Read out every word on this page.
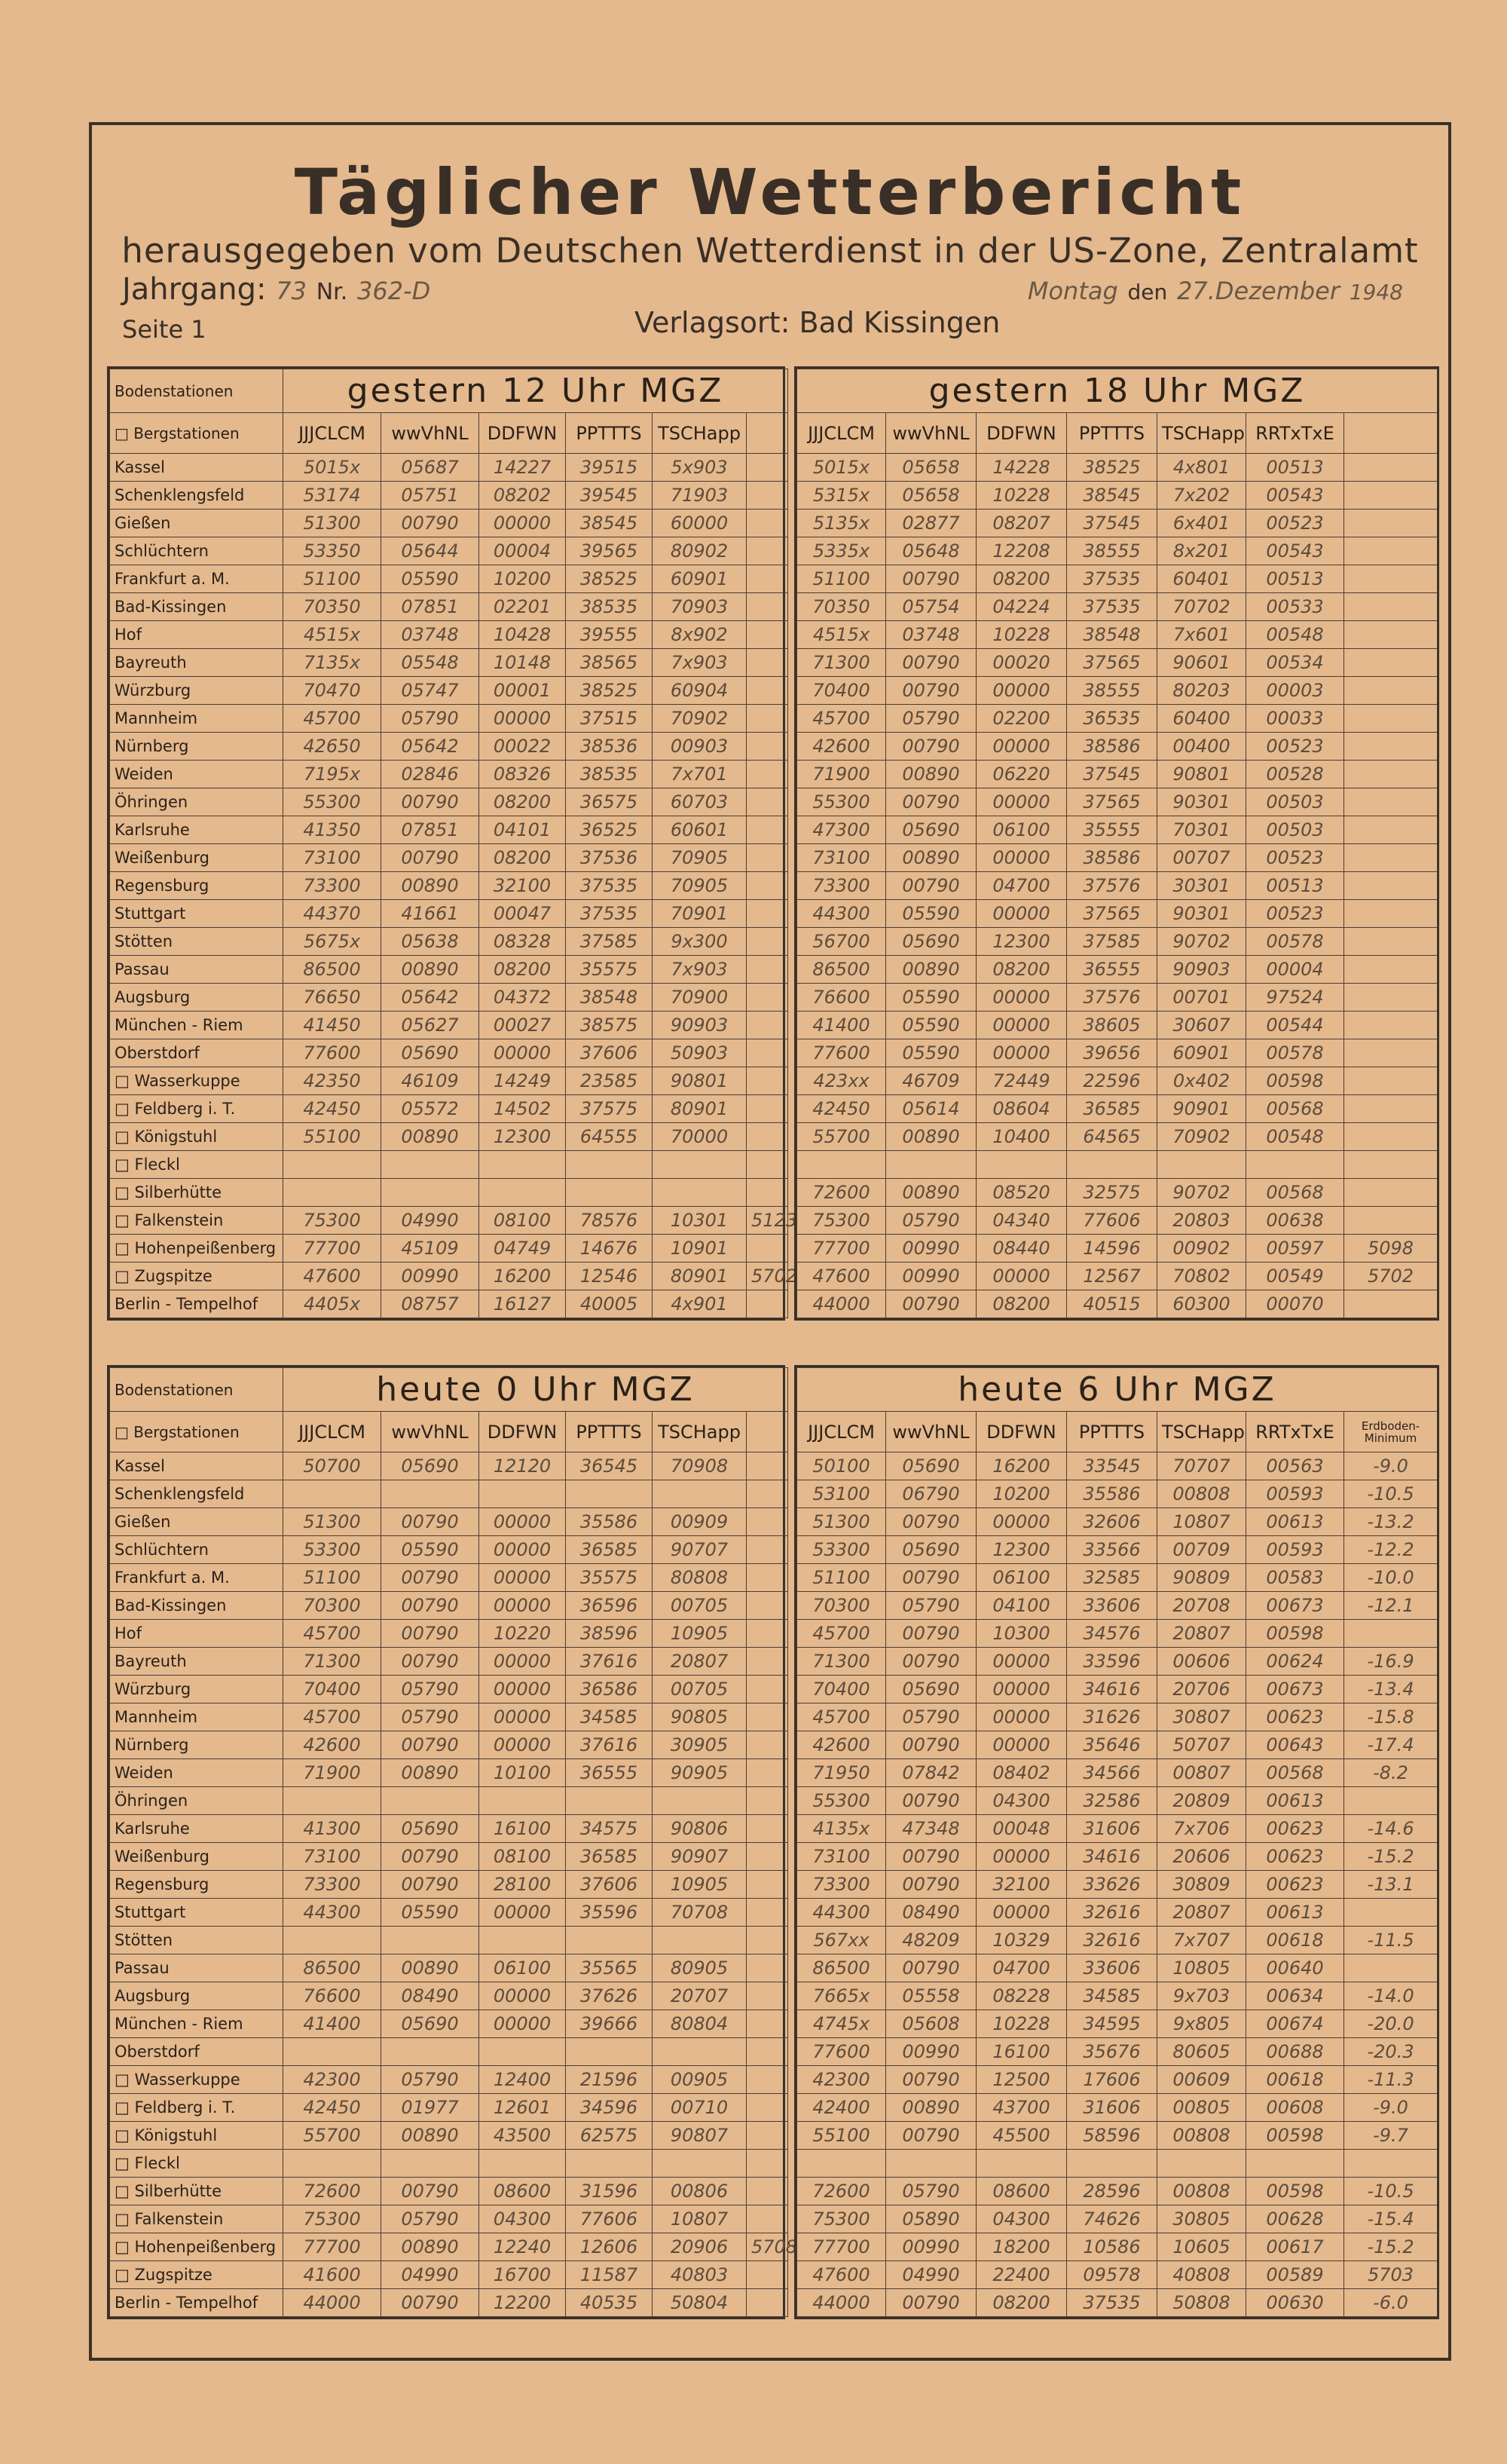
Täglicher Wetterbericht
herausgegeben vom Deutschen Wetterdienst in der US-Zone, Zentralamt
Jahrgang: 73 Nr. 362-D	Montag den 27.Dezember 1948
Seite 1	Verlagsort: Bad Kissingen
Bodenstationen	gestern 12 Uhr MGZ					
□ Bergstationen	JJJCLCM	wwVhNL	DDFWN	PPTTTS	TSCHapp	
Kassel	5015x	05687	14227	39515	5x903	
Schenklengsfeld	53174	05751	08202	39545	71903	
Gießen	51300	00790	00000	38545	60000	
Schlüchtern	53350	05644	00004	39565	80902	
Frankfurt a. M.	51100	05590	10200	38525	60901	
Bad-Kissingen	70350	07851	02201	38535	70903	
Hof	4515x	03748	10428	39555	8x902	
Bayreuth	7135x	05548	10148	38565	7x903	
Würzburg	70470	05747	00001	38525	60904	
Mannheim	45700	05790	00000	37515	70902	
Nürnberg	42650	05642	00022	38536	00903	
Weiden	7195x	02846	08326	38535	7x701	
Öhringen	55300	00790	08200	36575	60703	
Karlsruhe	41350	07851	04101	36525	60601	
Weißenburg	73100	00790	08200	37536	70905	
Regensburg	73300	00890	32100	37535	70905	
Stuttgart	44370	41661	00047	37535	70901	
Stötten	5675x	05638	08328	37585	9x300	
Passau	86500	00890	08200	35575	7x903	
Augsburg	76650	05642	04372	38548	70900	
München - Riem	41450	05627	00027	38575	90903	
Oberstdorf	77600	05690	00000	37606	50903	
□ Wasserkuppe	42350	46109	14249	23585	90801	
□ Feldberg i. T.	42450	05572	14502	37575	80901	
□ Königstuhl	55100	00890	12300	64555	70000	
□ Fleckl						
□ Silberhütte						
□ Falkenstein	75300	04990	08100	78576	10301	5123
□ Hohenpeißenberg	77700	45109	04749	14676	10901	
□ Zugspitze	47600	00990	16200	12546	80901	5702
Berlin - Tempelhof	4405x	08757	16127	40005	4x901	
gestern 18 Uhr MGZ						
JJJCLCM	wwVhNL	DDFWN	PPTTTS	TSCHapp	RRTxTxE	
5015x	05658	14228	38525	4x801	00513	
5315x	05658	10228	38545	7x202	00543	
5135x	02877	08207	37545	6x401	00523	
5335x	05648	12208	38555	8x201	00543	
51100	00790	08200	37535	60401	00513	
70350	05754	04224	37535	70702	00533	
4515x	03748	10228	38548	7x601	00548	
71300	00790	00020	37565	90601	00534	
70400	00790	00000	38555	80203	00003	
45700	05790	02200	36535	60400	00033	
42600	00790	00000	38586	00400	00523	
71900	00890	06220	37545	90801	00528	
55300	00790	00000	37565	90301	00503	
47300	05690	06100	35555	70301	00503	
73100	00890	00000	38586	00707	00523	
73300	00790	04700	37576	30301	00513	
44300	05590	00000	37565	90301	00523	
56700	05690	12300	37585	90702	00578	
86500	00890	08200	36555	90903	00004	
76600	05590	00000	37576	00701	97524	
41400	05590	00000	38605	30607	00544	
77600	05590	00000	39656	60901	00578	
423xx	46709	72449	22596	0x402	00598	
42450	05614	08604	36585	90901	00568	
55700	00890	10400	64565	70902	00548	

72600	00890	08520	32575	90702	00568	
75300	05790	04340	77606	20803	00638	
77700	00990	08440	14596	00902	00597	5098
47600	00990	00000	12567	70802	00549	5702
44000	00790	08200	40515	60300	00070	
Bodenstationen	heute 0 Uhr MGZ					
□ Bergstationen	JJJCLCM	wwVhNL	DDFWN	PPTTTS	TSCHapp	
Kassel	50700	05690	12120	36545	70908	
Schenklengsfeld						
Gießen	51300	00790	00000	35586	00909	
Schlüchtern	53300	05590	00000	36585	90707	
Frankfurt a. M.	51100	00790	00000	35575	80808	
Bad-Kissingen	70300	00790	00000	36596	00705	
Hof	45700	00790	10220	38596	10905	
Bayreuth	71300	00790	00000	37616	20807	
Würzburg	70400	05790	00000	36586	00705	
Mannheim	45700	05790	00000	34585	90805	
Nürnberg	42600	00790	00000	37616	30905	
Weiden	71900	00890	10100	36555	90905	
Öhringen						
Karlsruhe	41300	05690	16100	34575	90806	
Weißenburg	73100	00790	08100	36585	90907	
Regensburg	73300	00790	28100	37606	10905	
Stuttgart	44300	05590	00000	35596	70708	
Stötten						
Passau	86500	00890	06100	35565	80905	
Augsburg	76600	08490	00000	37626	20707	
München - Riem	41400	05690	00000	39666	80804	
Oberstdorf						
□ Wasserkuppe	42300	05790	12400	21596	00905	
□ Feldberg i. T.	42450	01977	12601	34596	00710	
□ Königstuhl	55700	00890	43500	62575	90807	
□ Fleckl						
□ Silberhütte	72600	00790	08600	31596	00806	
□ Falkenstein	75300	05790	04300	77606	10807	
□ Hohenpeißenberg	77700	00890	12240	12606	20906	5708
□ Zugspitze	41600	04990	16700	11587	40803	
Berlin - Tempelhof	44000	00790	12200	40535	50804	
heute 6 Uhr MGZ						
JJJCLCM	wwVhNL	DDFWN	PPTTTS	TSCHapp	RRTxTxE	Erdboden-Minimum
50100	05690	16200	33545	70707	00563	-9.0
53100	06790	10200	35586	00808	00593	-10.5
51300	00790	00000	32606	10807	00613	-13.2
53300	05690	12300	33566	00709	00593	-12.2
51100	00790	06100	32585	90809	00583	-10.0
70300	05790	04100	33606	20708	00673	-12.1
45700	00790	10300	34576	20807	00598	
71300	00790	00000	33596	00606	00624	-16.9
70400	05690	00000	34616	20706	00673	-13.4
45700	05790	00000	31626	30807	00623	-15.8
42600	00790	00000	35646	50707	00643	-17.4
71950	07842	08402	34566	00807	00568	-8.2
55300	00790	04300	32586	20809	00613	
4135x	47348	00048	31606	7x706	00623	-14.6
73100	00790	00000	34616	20606	00623	-15.2
73300	00790	32100	33626	30809	00623	-13.1
44300	08490	00000	32616	20807	00613	
567xx	48209	10329	32616	7x707	00618	-11.5
86500	00790	04700	33606	10805	00640	
7665x	05558	08228	34585	9x703	00634	-14.0
4745x	05608	10228	34595	9x805	00674	-20.0
77600	00990	16100	35676	80605	00688	-20.3
42300	00790	12500	17606	00609	00618	-11.3
42400	00890	43700	31606	00805	00608	-9.0
55100	00790	45500	58596	00808	00598	-9.7

72600	05790	08600	28596	00808	00598	-10.5
75300	05890	04300	74626	30805	00628	-15.4
77700	00990	18200	10586	10605	00617	-15.2
47600	04990	22400	09578	40808	00589	5703
44000	00790	08200	37535	50808	00630	-6.0
